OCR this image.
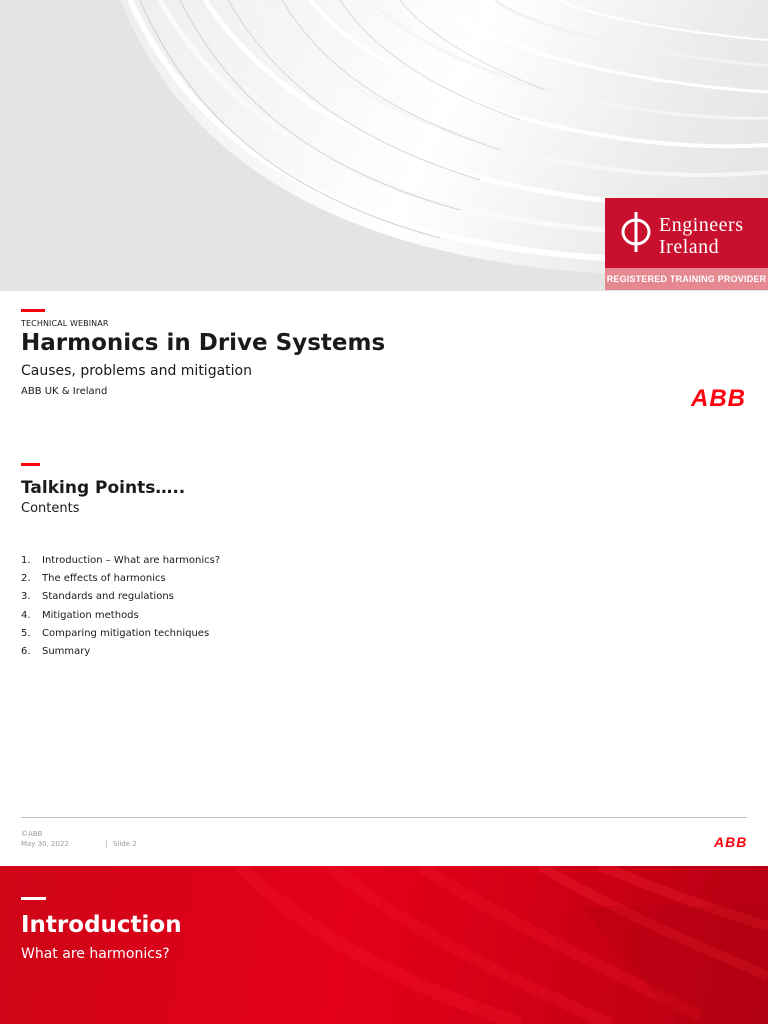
Engineers
Ireland
REGISTERED TRAINING PROVIDER 2022
TECHNICAL WEBINAR
Harmonics in Drive Systems
Causes, problems and mitigation
ABB UK & Ireland	ABB
Talking Points…..
Contents
1.	Introduction – What are harmonics?
2.	The effects of harmonics
3.	Standards and regulations
4.	Mitigation methods
5.	Comparing mitigation techniques
6.	Summary
©ABB
May 30, 2022	| Slide 2	ABB
Introduction
What are harmonics?
